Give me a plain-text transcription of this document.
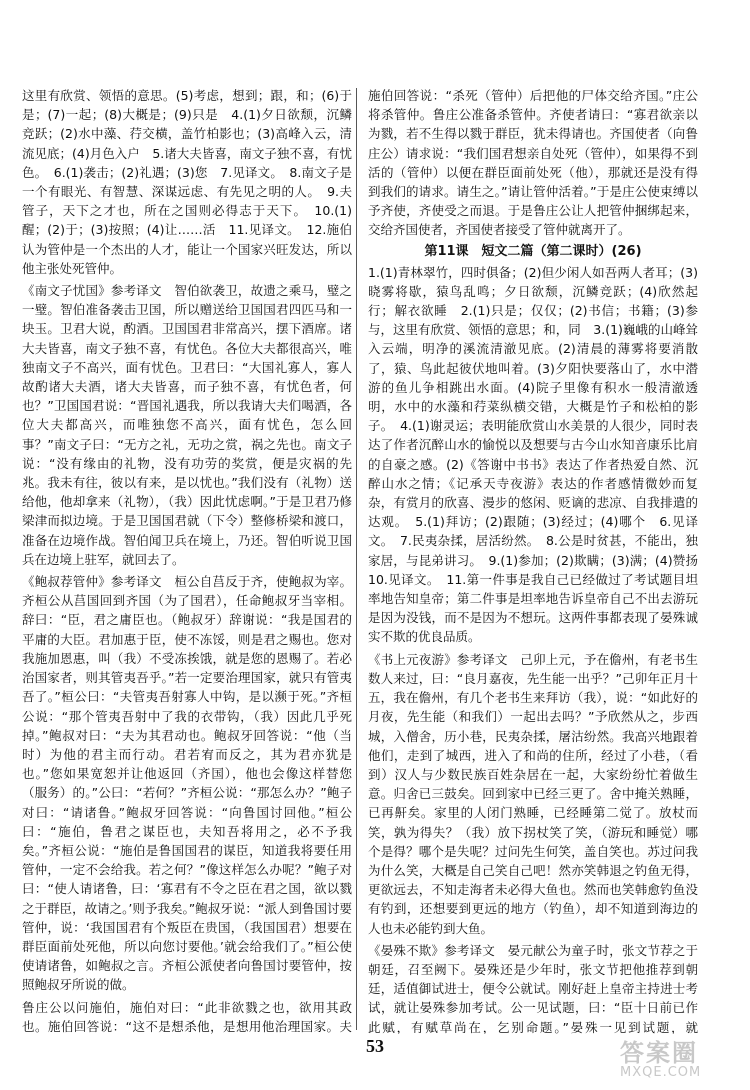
这里有欣赏、领悟的意思。(5)考虑，想到；跟，和；(6)于是；(7)一起；(8)大概是；(9)只是　4.(1)夕日欲颓，沉鳞竞跃；(2)水中藻、荇交横，盖竹柏影也；(3)高峰入云，清流见底；(4)月色入户　5.诸大夫皆喜，南文子独不喜，有忧色。　6.(1)袭击；(2)礼遇；(3)您　7.见译文。　8.南文子是一个有眼光、有智慧、深谋远虑、有先见之明的人。　9.夫管子，天下之才也，所在之国则必得志于天下。　10.(1)醒；(2)于；(3)按照；(4)让……活　11.见译文。　12.施伯认为管仲是一个杰出的人才，能让一个国家兴旺发达，所以他主张处死管仲。

《南文子忧国》参考译文　智伯欲袭卫，故遗之乘马，璧之一璧。智伯准备袭击卫国，所以赠送给卫国国君四匹马和一块玉。卫君大说，酌酒。卫国国君非常高兴，摆下酒席。诸大夫皆喜，南文子独不喜，有忧色。各位大夫都很高兴，唯独南文子不高兴，面有忧色。卫君曰：“大国礼寡人，寡人故酌诸大夫酒，诸大夫皆喜，而子独不喜，有忧色者，何也？”卫国国君说：“晋国礼遇我，所以我请大夫们喝酒，各位大夫都高兴，而唯独您不高兴，面有忧色，怎么回事？”南文子曰：“无方之礼，无功之赏，祸之先也。南文子说：“没有缘由的礼物，没有功劳的奖赏，便是灾祸的先兆。我未有往，彼以有来，是以忧也。”我们没有（礼物）送给他，他却拿来（礼物），（我）因此忧虑啊。”于是卫君乃修梁津而拟边境。于是卫国国君就（下令）整修桥梁和渡口，准备在边境作战。智伯闻卫兵在境上，乃还。智伯听说卫国兵在边境上驻军，就回去了。

《鲍叔荐管仲》参考译文　桓公自莒反于齐，使鲍叔为宰。齐桓公从莒国回到齐国（为了国君），任命鲍叔牙当宰相。辞曰：“臣，君之庸臣也。（鲍叔牙）辞谢说：“我是国君的平庸的大臣。君加惠于臣，使不冻馁，则是君之赐也。您对我施加恩惠，叫（我）不受冻挨饿，就是您的恩赐了。若必治国家者，则其管夷吾乎。”若一定要治理国家，就只有管夷吾了。”桓公曰：“夫管夷吾射寡人中钩，是以濒于死。”齐桓公说：“那个管夷吾射中了我的衣带钩，（我）因此几乎死掉。”鲍叔对曰：“夫为其君动也。鲍叔牙回答说：“他（当时）为他的君主而行动。君若宥而反之，其为君亦犹是也。”您如果宽恕并让他返回（齐国），他也会像这样替您（服务）的。”公曰：“若何？”齐桓公说：“那怎么办？”鲍子对曰：“请诸鲁。”鲍叔牙回答说：“向鲁国讨回他。”桓公曰：“施伯，鲁君之谋臣也，夫知吾将用之，必不予我矣。”齐桓公说：“施伯是鲁国国君的谋臣，知道我将要任用管仲，一定不会给我。若之何？”像这样怎么办呢？”鲍子对曰：“使人请诸鲁，曰：‘寡君有不令之臣在君之国，欲以戮之于群臣，故请之。’则予我矣。”鲍叔牙说：“派人到鲁国讨要管仲，说：‘我国国君有个叛臣在贵国，（我国国君）想要在群臣面前处死他，所以向您讨要他。’就会给我们了。”桓公使使请诸鲁，如鲍叔之言。齐桓公派使者向鲁国讨要管仲，按照鲍叔牙所说的做。

鲁庄公以问施伯，施伯对曰：“此非欲戮之也，欲用其政也。施伯回答说：“这不是想杀他，是想用他治理国家。夫

施伯回答说：“杀死（管仲）后把他的尸体交给齐国。”庄公将杀管仲。鲁庄公准备杀管仲。齐使者请曰：“寡君欲亲以为戮，若不生得以戮于群臣，犹未得请也。齐国使者（向鲁庄公）请求说：“我们国君想亲自处死（管仲），如果得不到活的（管仲）以便在群臣面前处死（他），那就还是没有得到我们的请求。请生之。”请让管仲活着。”于是庄公使束缚以予齐使，齐使受之而退。于是鲁庄公让人把管仲捆绑起来，交给齐国使者，齐国使者接受了管仲就离开了。

第11课　短文二篇（第二课时）(26)

1.(1)青林翠竹，四时俱备；(2)但少闲人如吾两人者耳；(3)晓雾将歇，猿鸟乱鸣；夕日欲颓，沉鳞竞跃；(4)欣然起行；解衣欲睡　2.(1)只是；仅仅；(2)书信；书籍；(3)参与，这里有欣赏、领悟的意思；和，同　3.(1)巍峨的山峰耸入云端，明净的溪流清澈见底。(2)清晨的薄雾将要消散了，猿、鸟此起彼伏地叫着。(3)夕阳快要落山了，水中潜游的鱼儿争相跳出水面。(4)院子里像有积水一般清澈透明，水中的水藻和荇菜纵横交错，大概是竹子和松柏的影子。　4.(1)谢灵运；表明能欣赏山水美景的人很少，同时表达了作者沉醉山水的愉悦以及想要与古今山水知音康乐比肩的自豪之感。(2)《答谢中书书》表达了作者热爱自然、沉醉山水之情；《记承天寺夜游》表达的作者感情微妙而复杂，有赏月的欣喜、漫步的悠闲、贬谪的悲凉、自我排遣的达观。　5.(1)拜访；(2)跟随；(3)经过；(4)哪个　6.见译文。　7.民夷杂揉，居活纷然。　8.公是时贫甚，不能出，独家居，与昆弟讲习。　9.(1)参加；(2)欺瞒；(3)满；(4)赞扬　10.见译文。　11.第一件事是我自己已经做过了考试题目坦率地告知皇帝；第二件事是坦率地告诉皇帝自己不出去游玩是因为没钱，而不是因为不想玩。这两件事都表现了晏殊诚实不欺的优良品质。

《书上元夜游》参考译文　己卯上元，予在儋州，有老书生数人来过，曰：“良月嘉夜，先生能一出乎？”己卯年正月十五，我在儋州，有几个老书生来拜访（我），说：“如此好的月夜，先生能（和我们）一起出去吗？”予欣然从之，步西城，入僧舍，历小巷，民夷杂揉，屠沽纷然。我高兴地跟着他们，走到了城西，进入了和尚的住所，经过了小巷，（看到）汉人与少数民族百姓杂居在一起，大家纷纷忙着做生意。归舍已三鼓矣。回到家中已经三更了。舍中掩关熟睡，已再鼾矣。家里的人闭门熟睡，已经睡第二觉了。放杖而笑，孰为得失？（我）放下拐杖笑了笑，（游玩和睡觉）哪个是得？哪个是失呢？过问先生何笑，盖自笑也。苏过问我为什么笑，大概是自己笑自己吧！然亦笑韩退之钓鱼无得，更欲远去，不知走海者未必得大鱼也。然而也笑韩愈钓鱼没有钓到，还想要到更远的地方（钓鱼），却不知道到海边的人也未必能钓到大鱼。

《晏殊不欺》参考译文　晏元献公为童子时，张文节荐之于朝廷，召至阙下。晏殊还是少年时，张文节把他推荐到朝廷，适值御试进士，便令公就试。刚好赶上皇帝主持进士考试，就让晏殊参加考试。公一见试题，曰：“臣十日前已作此赋，有赋草尚在，乞别命题。”晏殊一见到试题，就

53	答案圈
MXQE.COM
